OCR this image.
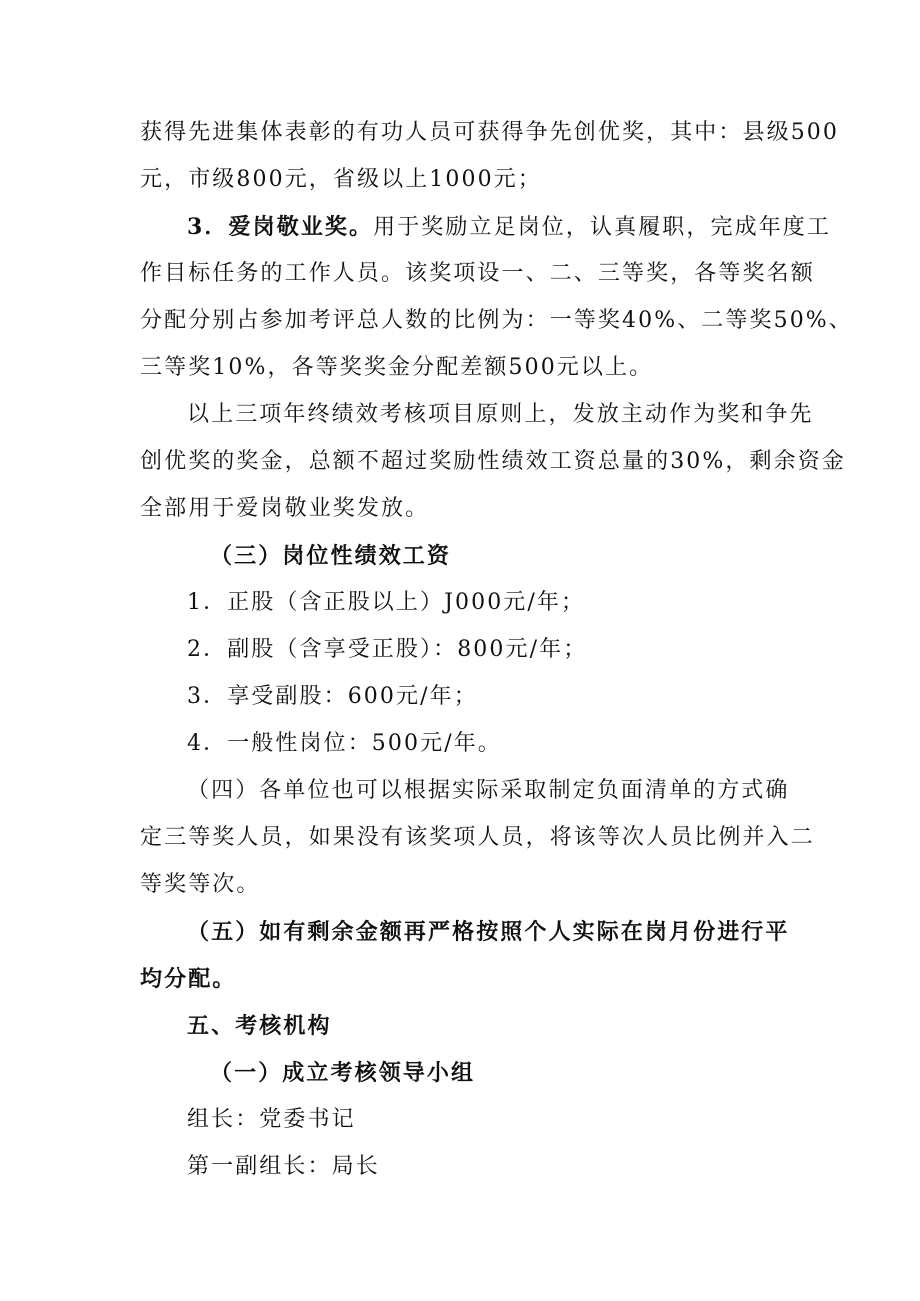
获得先进集体表彰的有功人员可获得争先创优奖，其中：县级500
元，市级800元，省级以上1000元；
3．爱岗敬业奖。用于奖励立足岗位，认真履职，完成年度工
作目标任务的工作人员。该奖项设一、二、三等奖，各等奖名额
分配分别占参加考评总人数的比例为：一等奖40%、二等奖50%、
三等奖10%，各等奖奖金分配差额500元以上。
以上三项年终绩效考核项目原则上，发放主动作为奖和争先
创优奖的奖金，总额不超过奖励性绩效工资总量的30%，剩余资金
全部用于爱岗敬业奖发放。
（三）岗位性绩效工资
1．正股（含正股以上）J000元/年；
2．副股（含享受正股）：800元/年；
3．享受副股：600元/年；
4．一般性岗位：500元/年。
（四）各单位也可以根据实际采取制定负面清单的方式确
定三等奖人员，如果没有该奖项人员，将该等次人员比例并入二
等奖等次。
（五）如有剩余金额再严格按照个人实际在岗月份进行平
均分配。
五、考核机构
（一）成立考核领导小组
组长：党委书记
第一副组长：局长
